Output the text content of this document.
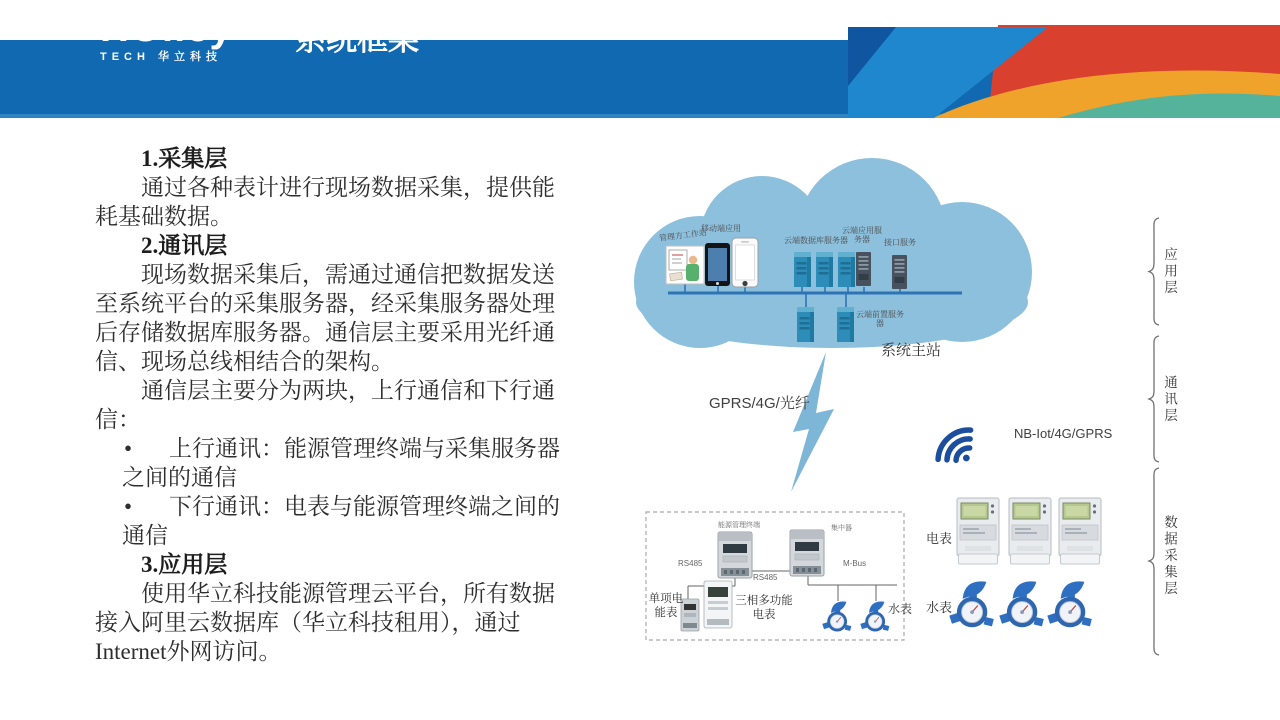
HOlley
TECH 华立科技	系统框架

1.采集层

通过各种表计进行现场数据采集，提供能耗基础数据。

2.通讯层

现场数据采集后，需通过通信把数据发送至系统平台的采集服务器，经采集服务器处理后存储数据库服务器。通信层主要采用光纤通信、现场总线相结合的架构。

通信层主要分为两块，上行通信和下行通信：

• 上行通讯：能源管理终端与采集服务器之间的通信
• 下行通讯：电表与能源管理终端之间的通信

3.应用层

使用华立科技能源管理云平台，所有数据接入阿里云数据库（华立科技租用），通过Internet外网访问。

管理方工作站
移动端应用
云端数据库服务器
云端应用服务器	接口服务
云端前置服务器
系统主站
GPRS/4G/光纤
NB-Iot/4G/GPRS
能源管理终端	集中器
RS485
RS485
M-Bus
单项电能表
三相多功能电表	水表
电表
水表
应用层
通讯层
数据采集层
